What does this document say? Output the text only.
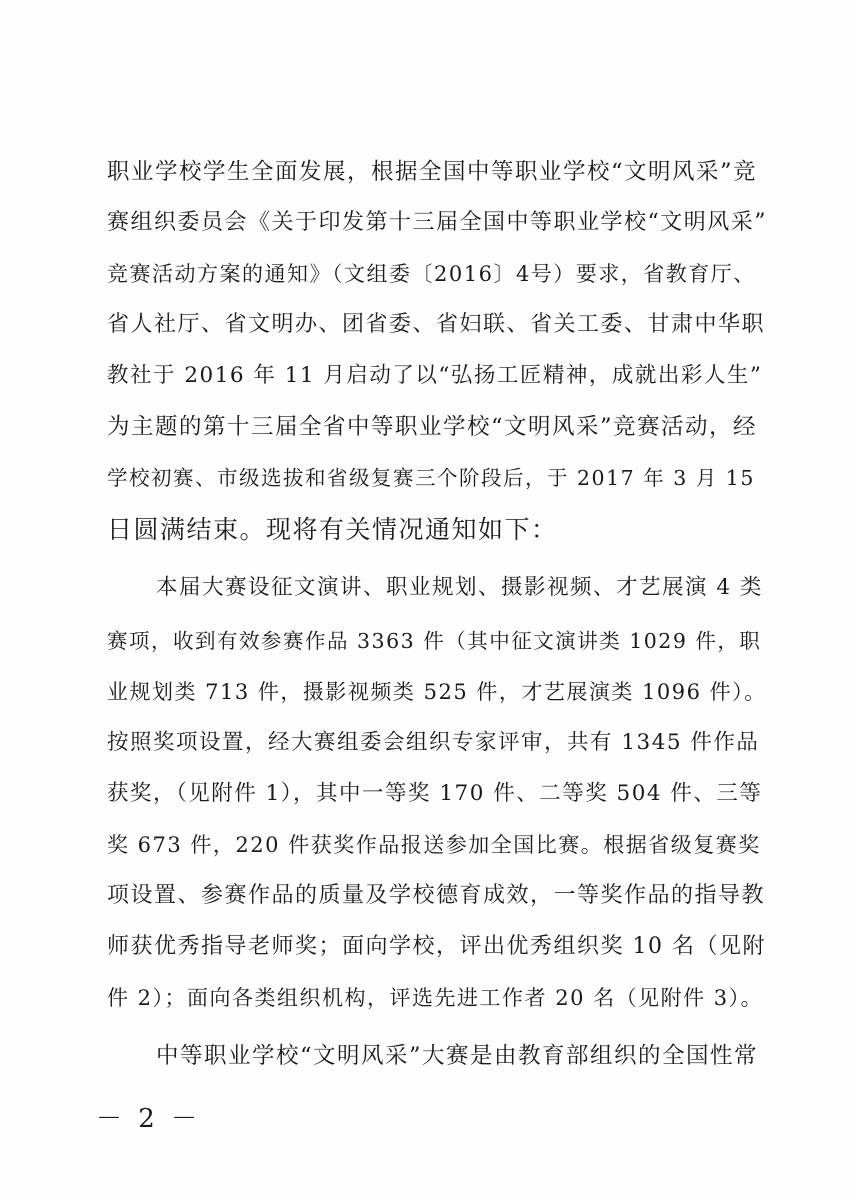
职业学校学生全面发展，根据全国中等职业学校“文明风采”竞
赛组织委员会《关于印发第十三届全国中等职业学校“文明风采”
竞赛活动方案的通知》（文组委〔2016〕4号）要求，省教育厅、
省人社厅、省文明办、团省委、省妇联、省关工委、甘肃中华职
教社于 2016 年 11 月启动了以“弘扬工匠精神，成就出彩人生”
为主题的第十三届全省中等职业学校“文明风采”竞赛活动，经
学校初赛、市级选拔和省级复赛三个阶段后，于 2017 年 3 月 15
日圆满结束。现将有关情况通知如下：
本届大赛设征文演讲、职业规划、摄影视频、才艺展演 4 类
赛项，收到有效参赛作品 3363 件（其中征文演讲类 1029 件，职
业规划类 713 件，摄影视频类 525 件，才艺展演类 1096 件）。
按照奖项设置，经大赛组委会组织专家评审，共有 1345 件作品
获奖，（见附件 1），其中一等奖 170 件、二等奖 504 件、三等
奖 673 件，220 件获奖作品报送参加全国比赛。根据省级复赛奖
项设置、参赛作品的质量及学校德育成效，一等奖作品的指导教
师获优秀指导老师奖；面向学校，评出优秀组织奖 10 名（见附
件 2）；面向各类组织机构，评选先进工作者 20 名（见附件 3）。
中等职业学校“文明风采”大赛是由教育部组织的全国性常
－ 2 －
